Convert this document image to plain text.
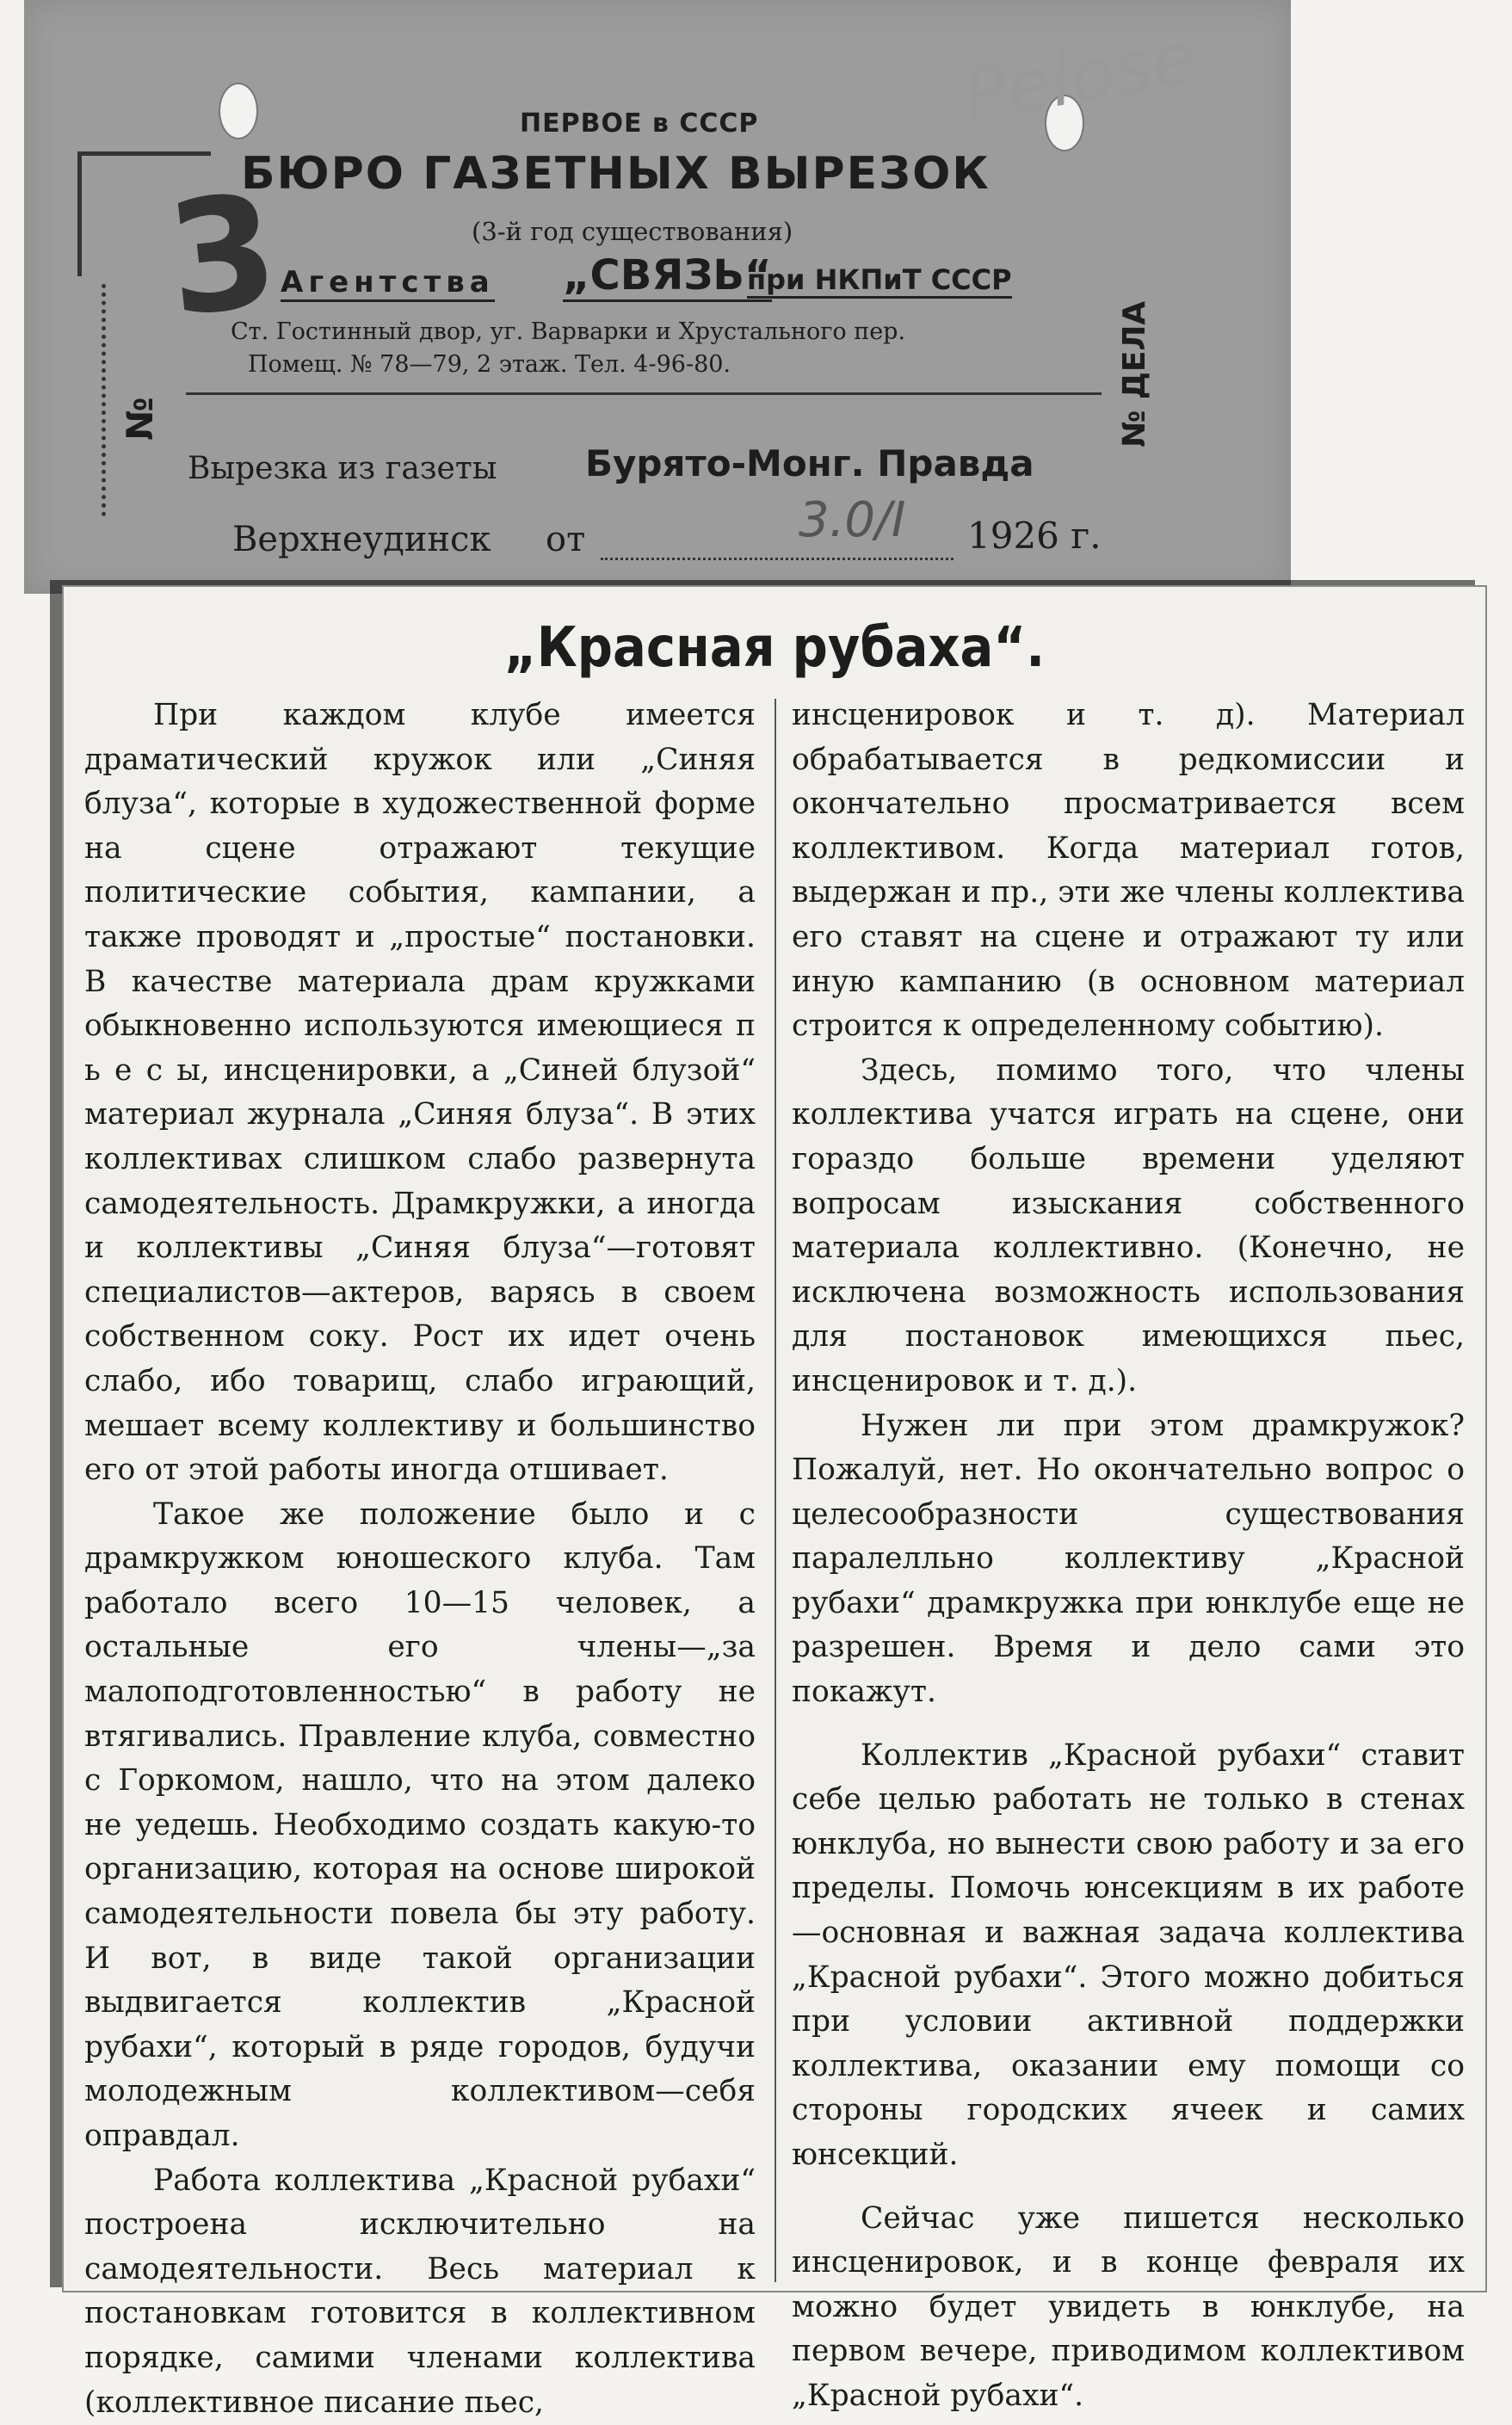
3
№
Pelose
ПЕРВОЕ в СССР
БЮРО ГАЗЕТНЫХ ВЫРЕЗОК
(3-й год существования)
Агентства „СВЯЗЬ“
при НКПиТ СССР
Ст. Гостинный двор, уг. Варварки и Хрустального пер.
Помещ. № 78—79, 2 этаж. Тел. 4-96-80.	№ ДЕЛА
Вырезка из газеты Бурято-Монг. Правда
Верхнеудинск от	3.0/I 1926 г.
„Красная рубаха“.

При каждом клубе имеется драматический кружок или „Синяя блуза“, которые в художественной форме на сцене отражают текущие политические события, кампании, а также проводят и „простые“ постановки. В качестве материала драм кружками обыкновенно используются имеющиеся п ь е с ы, инсценировки, а „Синей блузой“ материал журнала „Синяя блуза“. В этих коллективах слишком слабо развернута самодеятельность. Драмкружки, а иногда и коллективы „Синяя блуза“—готовят специалистов—актеров, варясь в своем собственном соку. Рост их идет очень слабо, ибо товарищ, слабо играющий, мешает всему коллективу и большинство его от этой работы иногда отшивает.

Такое же положение было и с драмкружком юношеского клуба. Там работало всего 10—15 человек, а остальные его члены—„за малоподготовленностью“ в работу не втягивались. Правление клуба, совместно с Горкомом, нашло, что на этом далеко не уедешь. Необходимо создать какую-то организацию, которая на основе широкой самодеятельности повела бы эту работу. И вот, в виде такой организации выдвигается коллектив „Красной рубахи“, который в ряде городов, будучи молодежным коллективом—себя оправдал.

Работа коллектива „Красной рубахи“ построена исключительно на самодеятельности. Весь материал к постановкам готовится в коллективном порядке, самими членами коллектива (коллективное писание пьес,

инсценировок и т. д). Материал обрабатывается в редкомиссии и окончательно просматривается всем коллективом. Когда материал готов, выдержан и пр., эти же члены коллектива его ставят на сцене и отражают ту или иную кампанию (в основном материал строится к определенному событию).

Здесь, помимо того, что члены коллектива учатся играть на сцене, они гораздо больше времени уделяют вопросам изыскания собственного материала коллективно. (Конечно, не исключена возможность использования для постановок имеющихся пьес, инсценировок и т. д.).

Нужен ли при этом драмкружок? Пожалуй, нет. Но окончательно вопрос о целесообразности существования паралелльно коллективу „Красной рубахи“ драмкружка при юнклубе еще не разрешен. Время и дело сами это покажут.

Коллектив „Красной рубахи“ ставит себе целью работать не только в стенах юнклуба, но вынести свою работу и за его пределы. Помочь юнсекциям в их работе—основная и важная задача коллектива „Красной рубахи“. Этого можно добиться при условии активной поддержки коллектива, оказании ему помощи со стороны городских ячеек и самих юнсекций.

Сейчас уже пишется несколько инсценировок, и в конце февраля их можно будет увидеть в юнклубе, на первом вечере, приводимом коллективом „Красной рубахи“.
